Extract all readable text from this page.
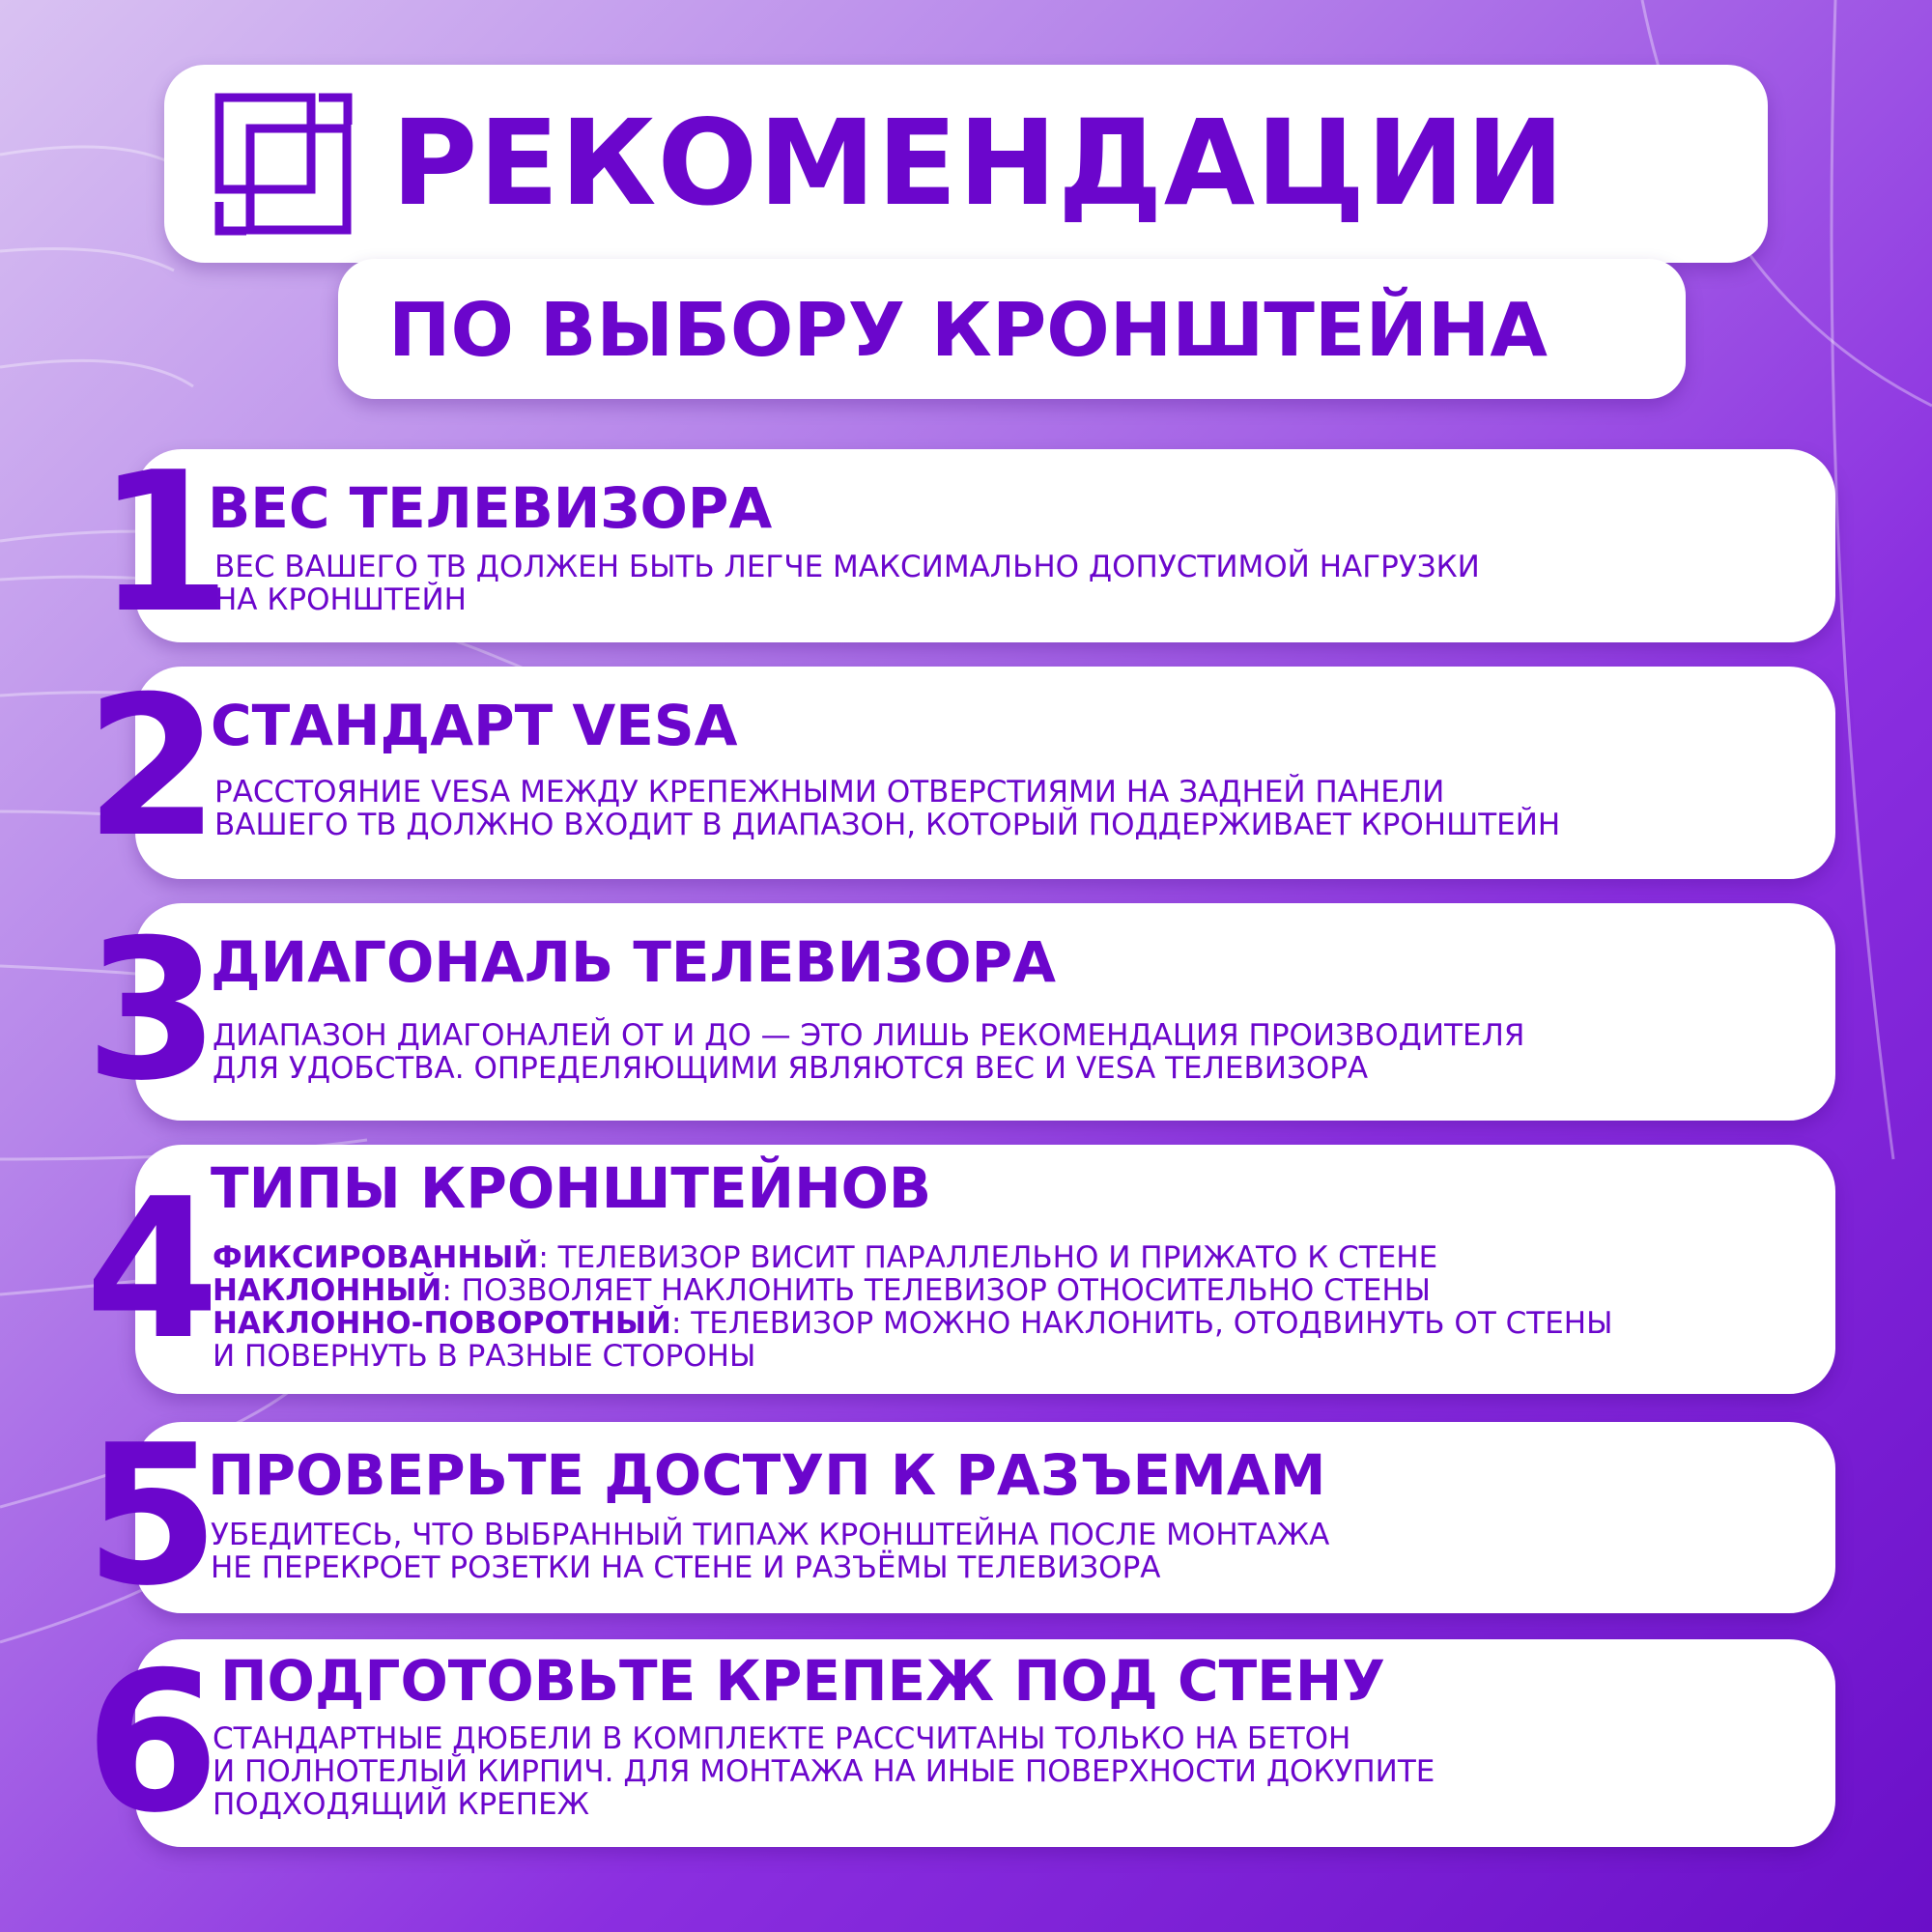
РЕКОМЕНДАЦИИ
ПО ВЫБОРУ КРОНШТЕЙНА
1
ВЕС ТЕЛЕВИЗОРА
ВЕС ВАШЕГО ТВ ДОЛЖЕН БЫТЬ ЛЕГЧЕ МАКСИМАЛЬНО ДОПУСТИМОЙ НАГРУЗКИ
НА КРОНШТЕЙН
2
СТАНДАРТ VESA
РАССТОЯНИЕ VESA МЕЖДУ КРЕПЕЖНЫМИ ОТВЕРСТИЯМИ НА ЗАДНЕЙ ПАНЕЛИ
ВАШЕГО ТВ ДОЛЖНО ВХОДИТ В ДИАПАЗОН, КОТОРЫЙ ПОДДЕРЖИВАЕТ КРОНШТЕЙН
3
ДИАГОНАЛЬ ТЕЛЕВИЗОРА
ДИАПАЗОН ДИАГОНАЛЕЙ ОТ И ДО — ЭТО ЛИШЬ РЕКОМЕНДАЦИЯ ПРОИЗВОДИТЕЛЯ
ДЛЯ УДОБСТВА. ОПРЕДЕЛЯЮЩИМИ ЯВЛЯЮТСЯ ВЕС И VESA ТЕЛЕВИЗОРА
4
ТИПЫ КРОНШТЕЙНОВ
ФИКСИРОВАННЫЙ: ТЕЛЕВИЗОР ВИСИТ ПАРАЛЛЕЛЬНО И ПРИЖАТО К СТЕНЕ
НАКЛОННЫЙ: ПОЗВОЛЯЕТ НАКЛОНИТЬ ТЕЛЕВИЗОР ОТНОСИТЕЛЬНО СТЕНЫ
НАКЛОННО-ПОВОРОТНЫЙ: ТЕЛЕВИЗОР МОЖНО НАКЛОНИТЬ, ОТОДВИНУТЬ ОТ СТЕНЫ
И ПОВЕРНУТЬ В РАЗНЫЕ СТОРОНЫ
5
ПРОВЕРЬТЕ ДОСТУП К РАЗЪЕМАМ
УБЕДИТЕСЬ, ЧТО ВЫБРАННЫЙ ТИПАЖ КРОНШТЕЙНА ПОСЛЕ МОНТАЖА
НЕ ПЕРЕКРОЕТ РОЗЕТКИ НА СТЕНЕ И РАЗЪЁМЫ ТЕЛЕВИЗОРА
6 ПОДГОТОВЬТЕ КРЕПЕЖ ПОД СТЕНУ
СТАНДАРТНЫЕ ДЮБЕЛИ В КОМПЛЕКТЕ РАССЧИТАНЫ ТОЛЬКО НА БЕТОН
И ПОЛНОТЕЛЫЙ КИРПИЧ. ДЛЯ МОНТАЖА НА ИНЫЕ ПОВЕРХНОСТИ ДОКУПИТЕ
ПОДХОДЯЩИЙ КРЕПЕЖ
